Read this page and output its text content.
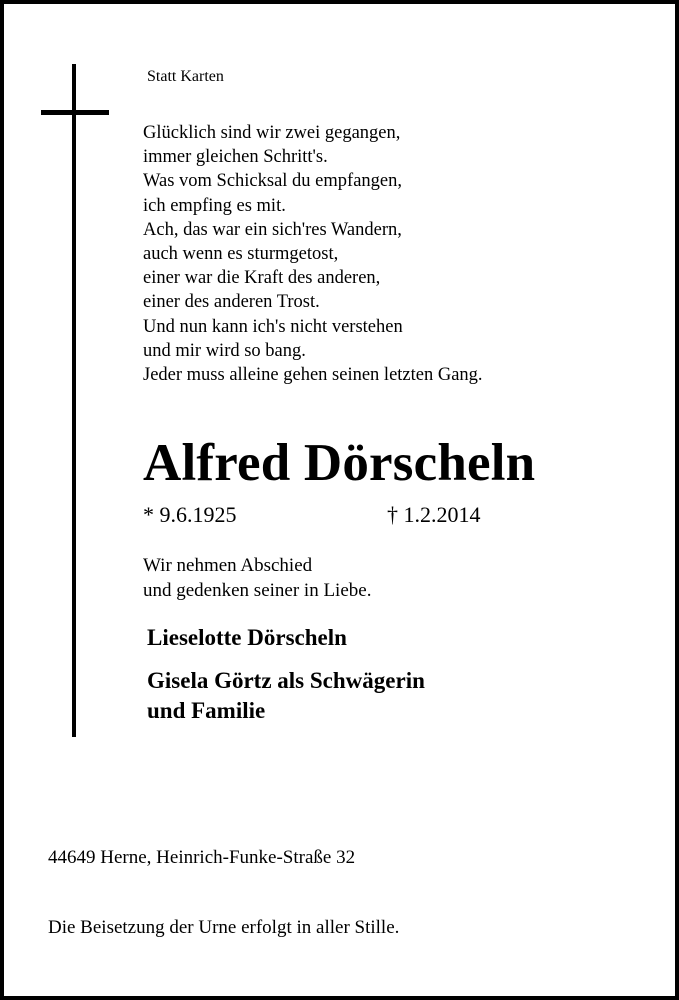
Statt Karten
Glücklich sind wir zwei gegangen,
immer gleichen Schritt's.
Was vom Schicksal du empfangen,
ich empfing es mit.
Ach, das war ein sich'res Wandern,
auch wenn es sturmgetost,
einer war die Kraft des anderen,
einer des anderen Trost.
Und nun kann ich's nicht verstehen
und mir wird so bang.
Jeder muss alleine gehen seinen letzten Gang.
Alfred Dörscheln
* 9.6.1925	† 1.2.2014
Wir nehmen Abschied
und gedenken seiner in Liebe.
Lieselotte Dörscheln
Gisela Görtz als Schwägerin
und Familie
44649 Herne, Heinrich-Funke-Straße 32
Die Beisetzung der Urne erfolgt in aller Stille.
